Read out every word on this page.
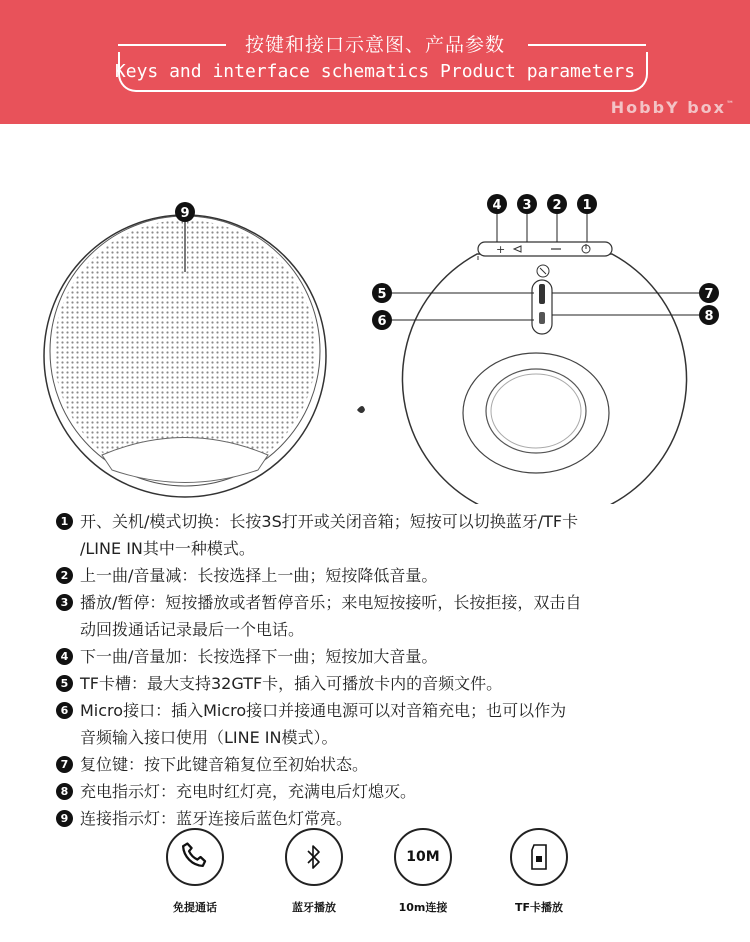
按键和接口示意图、产品参数
Keys and interface schematics Product parameters
HobbY box™
9
+
4 3 2 1
5
6
7
8
1 开、关机/模式切换：长按3S打开或关闭音箱；短按可以切换蓝牙/TF卡
/LINE IN其中一种模式。
2 上一曲/音量减：长按选择上一曲；短按降低音量。
3 播放/暂停：短按播放或者暂停音乐；来电短按接听，长按拒接，双击自
动回拨通话记录最后一个电话。
4 下一曲/音量加：长按选择下一曲；短按加大音量。
5 TF卡槽：最大支持32GTF卡，插入可播放卡内的音频文件。
6 Micro接口：插入Micro接口并接通电源可以对音箱充电；也可以作为
音频输入接口使用（LINE IN模式）。
7 复位键：按下此键音箱复位至初始状态。
8 充电指示灯：充电时红灯亮，充满电后灯熄灭。
9 连接指示灯：蓝牙连接后蓝色灯常亮。
免提通话	蓝牙播放
10M
10m连接	TF卡播放
